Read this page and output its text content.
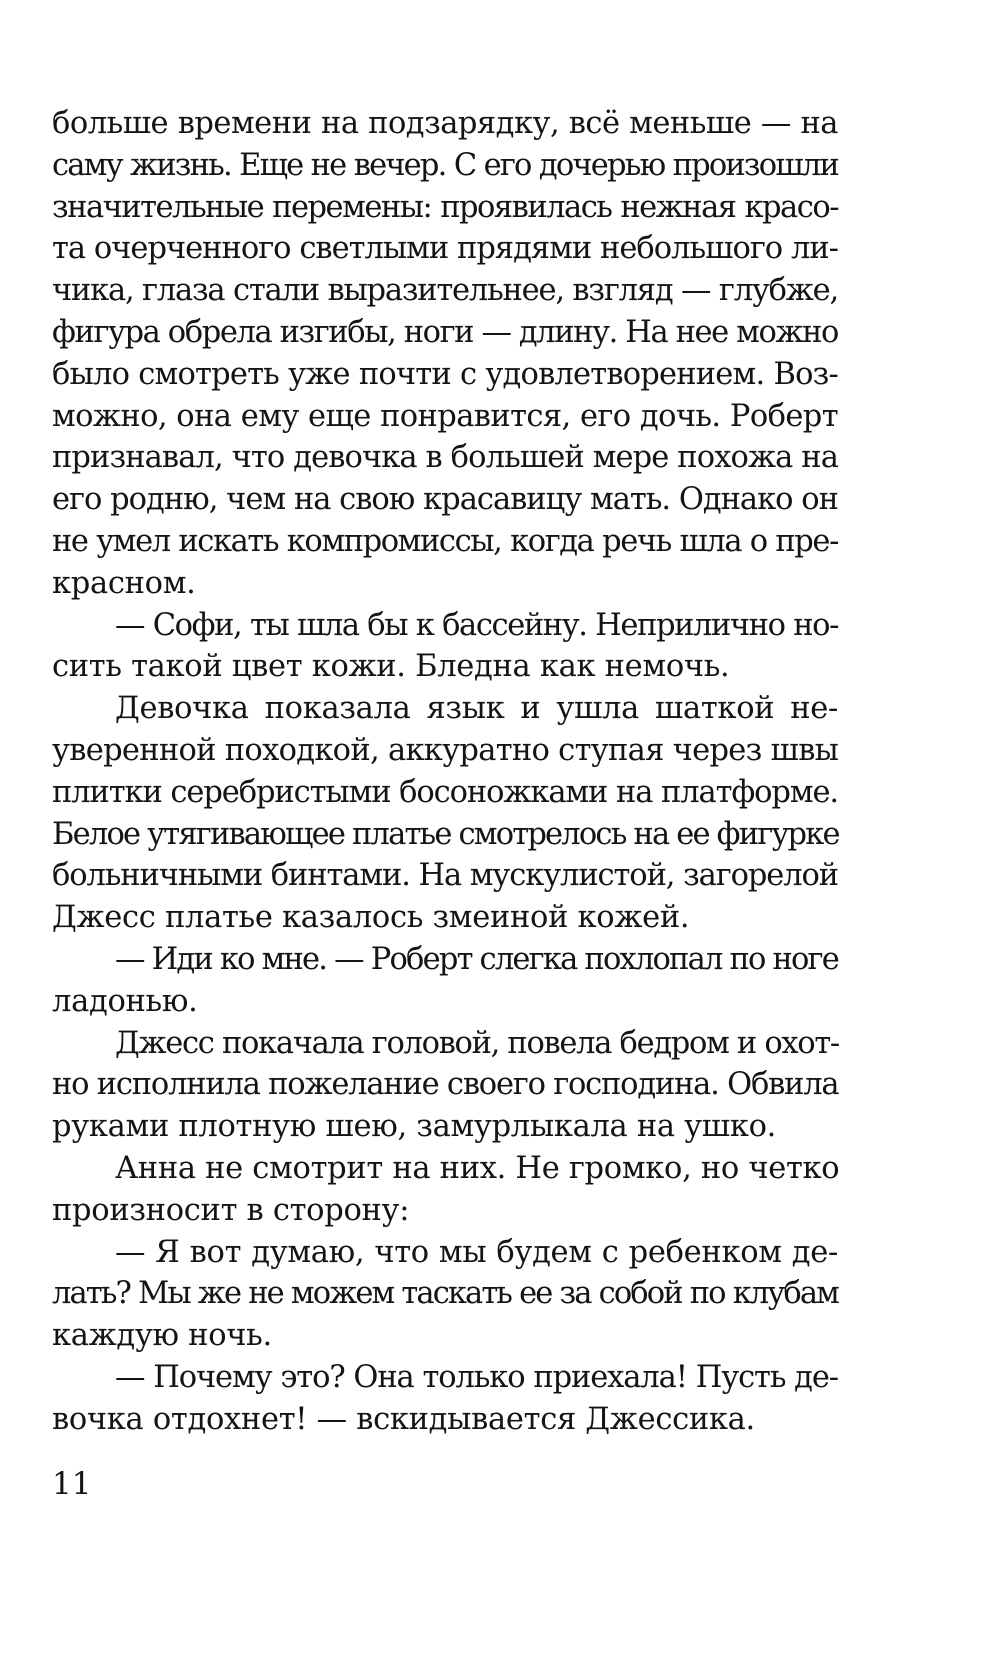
больше времени на подзарядку, всё меньше — на
саму жизнь. Еще не вечер. С его дочерью произошли
значительные перемены: проявилась нежная красо-
та очерченного светлыми прядями небольшого ли-
чика, глаза стали выразительнее, взгляд — глубже,
фигура обрела изгибы, ноги — длину. На нее можно
было смотреть уже почти с удовлетворением. Воз-
можно, она ему еще понравится, его дочь. Роберт
признавал, что девочка в большей мере похожа на
его родню, чем на свою красавицу мать. Однако он
не умел искать компромиссы, когда речь шла о пре-
красном.
— Софи, ты шла бы к бассейну. Неприлично но-
сить такой цвет кожи. Бледна как немочь.
Девочка показала язык и ушла шаткой не-
уверенной походкой, аккуратно ступая через швы
плитки серебристыми босоножками на платформе.
Белое утягивающее платье смотрелось на ее фигурке
больничными бинтами. На мускулистой, загорелой
Джесс платье казалось змеиной кожей.
— Иди ко мне. — Роберт слегка похлопал по ноге
ладонью.
Джесс покачала головой, повела бедром и охот-
но исполнила пожелание своего господина. Обвила
руками плотную шею, замурлыкала на ушко.
Анна не смотрит на них. Не громко, но четко
произносит в сторону:
— Я вот думаю, что мы будем с ребенком де-
лать? Мы же не можем таскать ее за собой по клубам
каждую ночь.
— Почему это? Она только приехала! Пусть де-
вочка отдохнет! — вскидывается Джессика.
11
